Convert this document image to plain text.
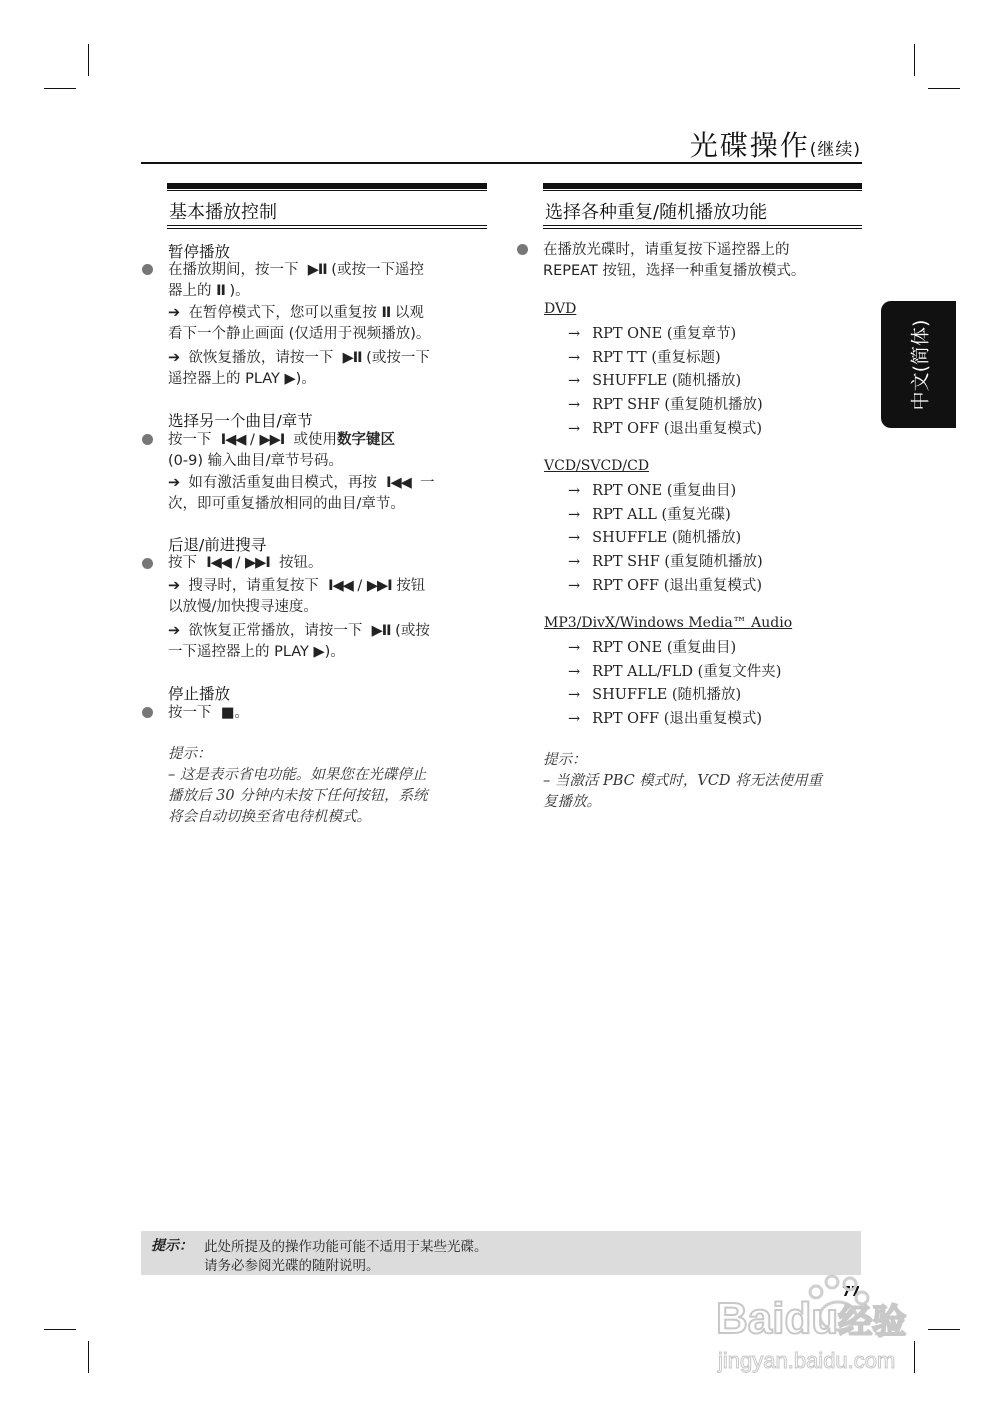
光碟操作(继续)
中文(简体)
基本播放控制
暂停播放
在播放期间，按一下 ▶II (或按一下遥控
器上的 II )。
➔ 在暂停模式下，您可以重复按 II 以观
看下一个静止画面 (仅适用于视频播放)。
➔ 欲恢复播放，请按一下 ▶II (或按一下
遥控器上的 PLAY ▶)。
选择另一个曲目/章节
按一下 I◀◀ / ▶▶I 或使用数字键区
(0-9) 输入曲目/章节号码。
➔ 如有激活重复曲目模式，再按 I◀◀ 一
次，即可重复播放相同的曲目/章节。
后退/前进搜寻
按下 I◀◀ / ▶▶I 按钮。
➔ 搜寻时，请重复按下 I◀◀ / ▶▶I 按钮
以放慢/加快搜寻速度。
➔ 欲恢复正常播放，请按一下 ▶II (或按
一下遥控器上的 PLAY ▶)。
停止播放
按一下 ■。
提示：
– 这是表示省电功能。如果您在光碟停止
播放后 30 分钟内未按下任何按钮，系统
将会自动切换至省电待机模式。
选择各种重复/随机播放功能
在播放光碟时，请重复按下遥控器上的
REPEAT 按钮，选择一种重复播放模式。
DVD
→ RPT ONE (重复章节)
→ RPT TT (重复标题)
→ SHUFFLE (随机播放)
→ RPT SHF (重复随机播放)
→ RPT OFF (退出重复模式)
VCD/SVCD/CD
→ RPT ONE (重复曲目)
→ RPT ALL (重复光碟)
→ SHUFFLE (随机播放)
→ RPT SHF (重复随机播放)
→ RPT OFF (退出重复模式)
MP3/DivX/Windows Media™ Audio
→ RPT ONE (重复曲目)
→ RPT ALL/FLD (重复文件夹)
→ SHUFFLE (随机播放)
→ RPT OFF (退出重复模式)
提示：
– 当激活 PBC 模式时，VCD 将无法使用重
复播放。
提示： 此处所提及的操作功能可能不适用于某些光碟。
请务必参阅光碟的随附说明。
77
Baidu经验
jingyan.baidu.com
